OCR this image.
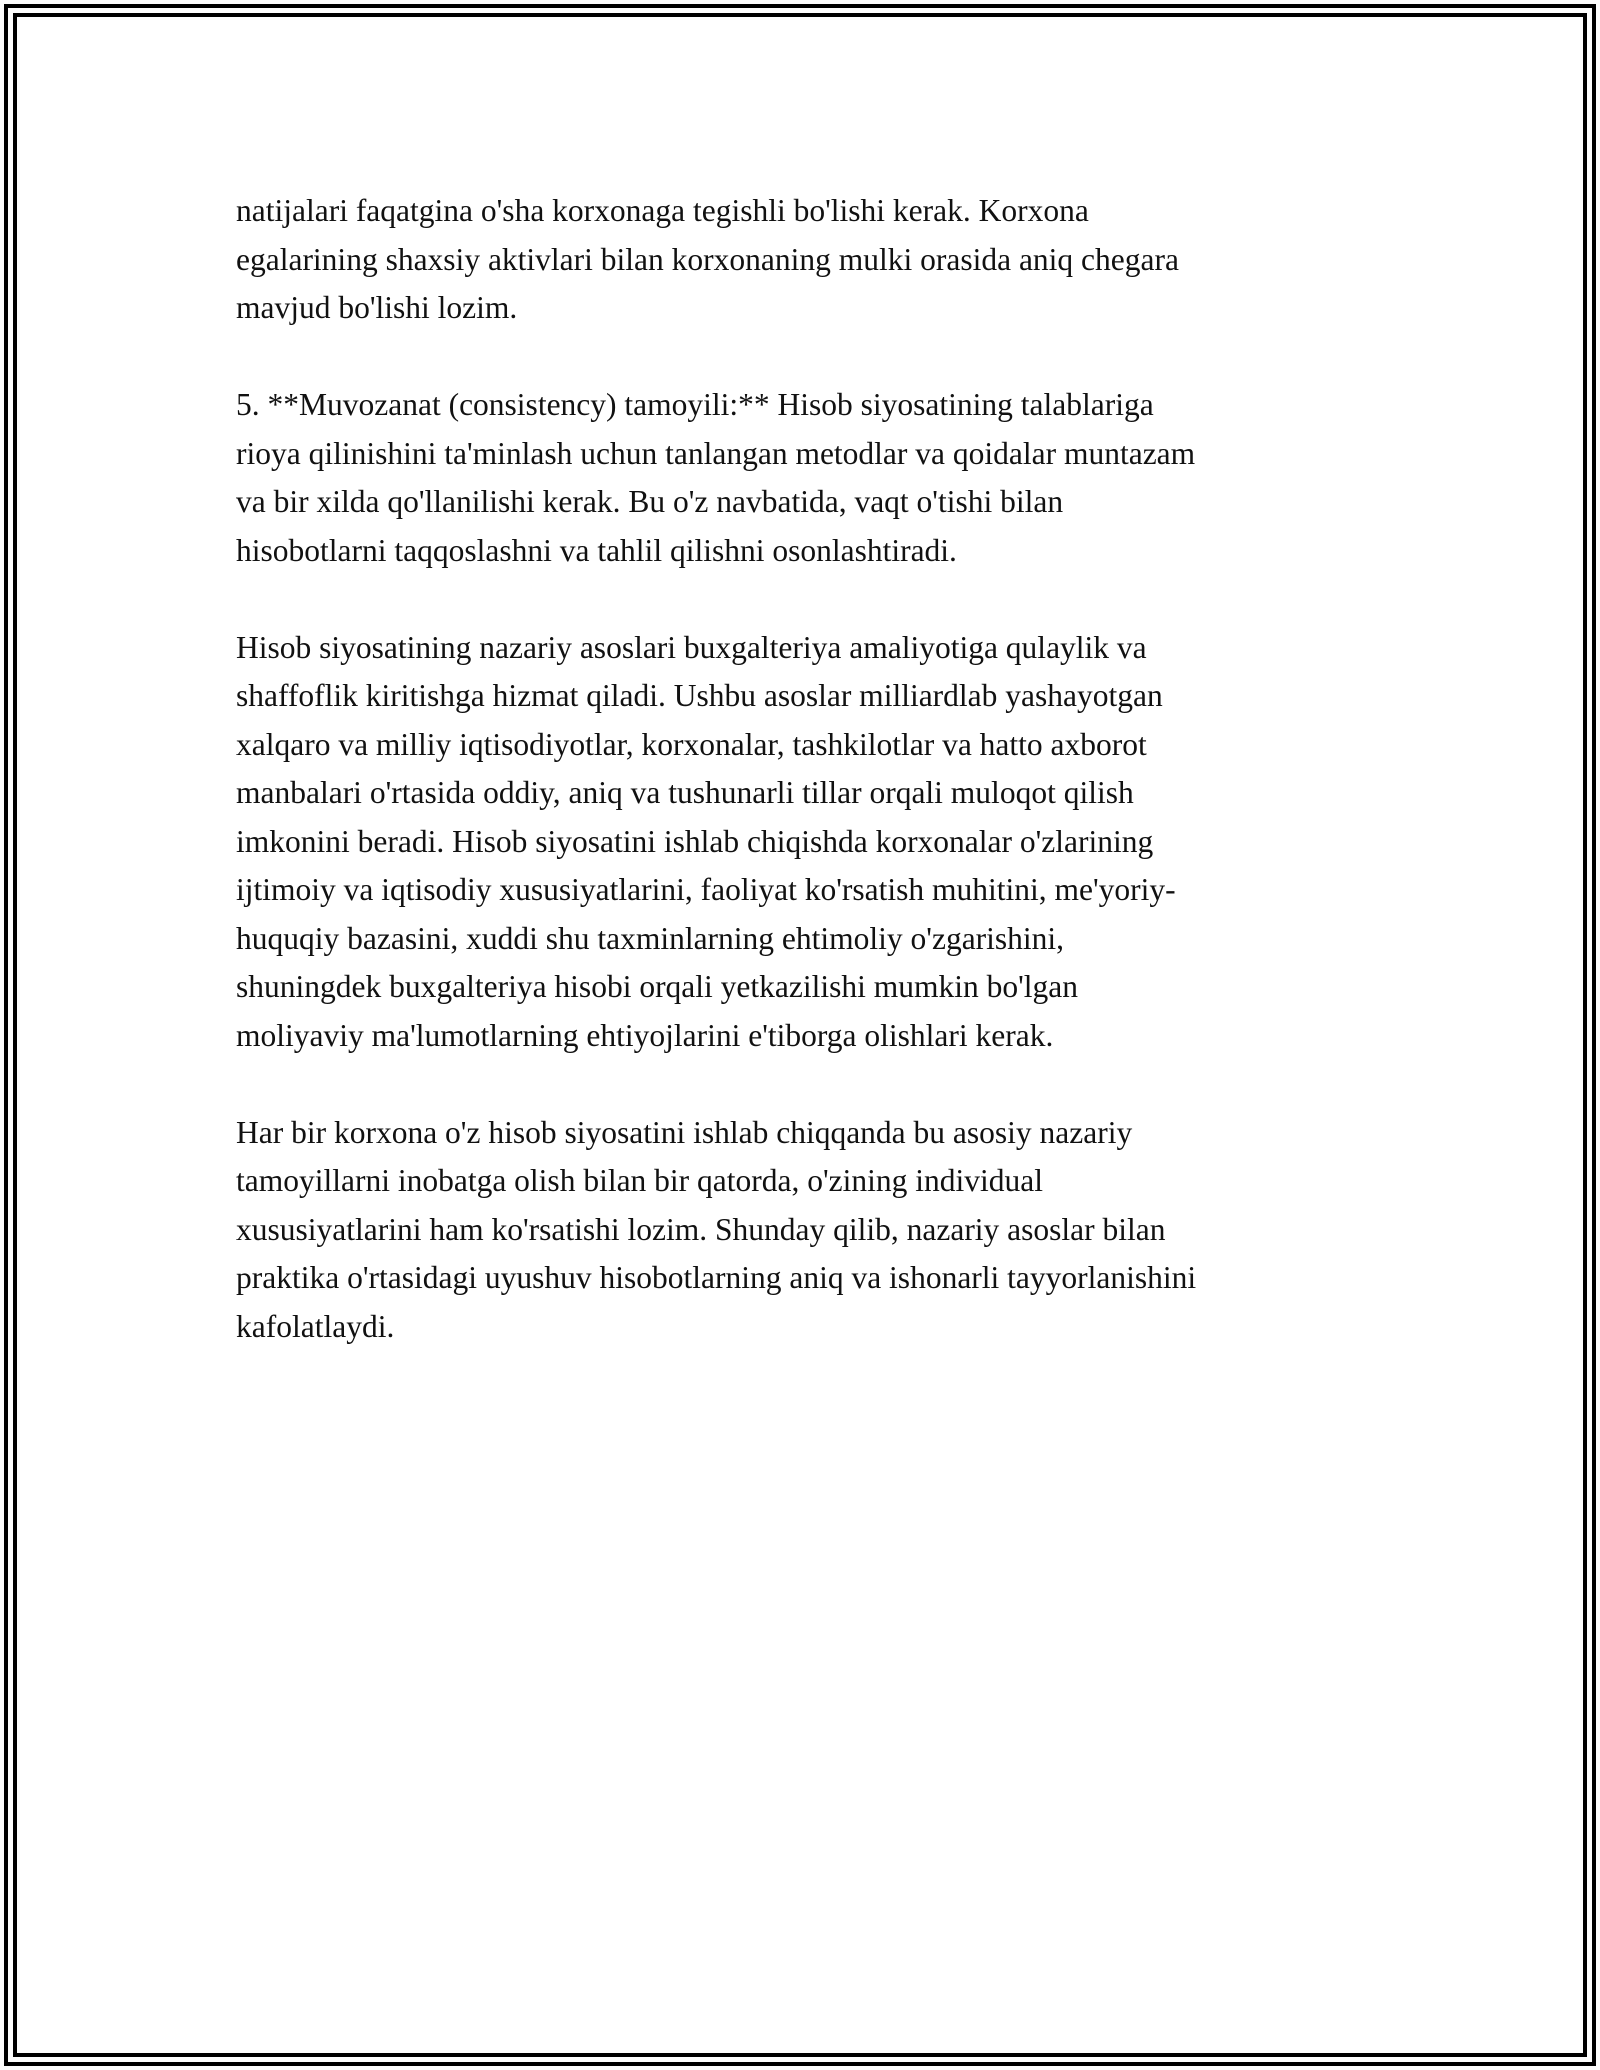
natijalari faqatgina o'sha korxonaga tegishli bo'lishi kerak. Korxona
egalarining shaxsiy aktivlari bilan korxonaning mulki orasida aniq chegara
mavjud bo'lishi lozim.

5. **Muvozanat (consistency) tamoyili:** Hisob siyosatining talablariga
rioya qilinishini ta'minlash uchun tanlangan metodlar va qoidalar muntazam
va bir xilda qo'llanilishi kerak. Bu o'z navbatida, vaqt o'tishi bilan
hisobotlarni taqqoslashni va tahlil qilishni osonlashtiradi.

Hisob siyosatining nazariy asoslari buxgalteriya amaliyotiga qulaylik va
shaffoflik kiritishga hizmat qiladi. Ushbu asoslar milliardlab yashayotgan
xalqaro va milliy iqtisodiyotlar, korxonalar, tashkilotlar va hatto axborot
manbalari o'rtasida oddiy, aniq va tushunarli tillar orqali muloqot qilish
imkonini beradi. Hisob siyosatini ishlab chiqishda korxonalar o'zlarining
ijtimoiy va iqtisodiy xususiyatlarini, faoliyat ko'rsatish muhitini, me'yoriy-
huquqiy bazasini, xuddi shu taxminlarning ehtimoliy o'zgarishini,
shuningdek buxgalteriya hisobi orqali yetkazilishi mumkin bo'lgan
moliyaviy ma'lumotlarning ehtiyojlarini e'tiborga olishlari kerak.

Har bir korxona o'z hisob siyosatini ishlab chiqqanda bu asosiy nazariy
tamoyillarni inobatga olish bilan bir qatorda, o'zining individual
xususiyatlarini ham ko'rsatishi lozim. Shunday qilib, nazariy asoslar bilan
praktika o'rtasidagi uyushuv hisobotlarning aniq va ishonarli tayyorlanishini
kafolatlaydi.
